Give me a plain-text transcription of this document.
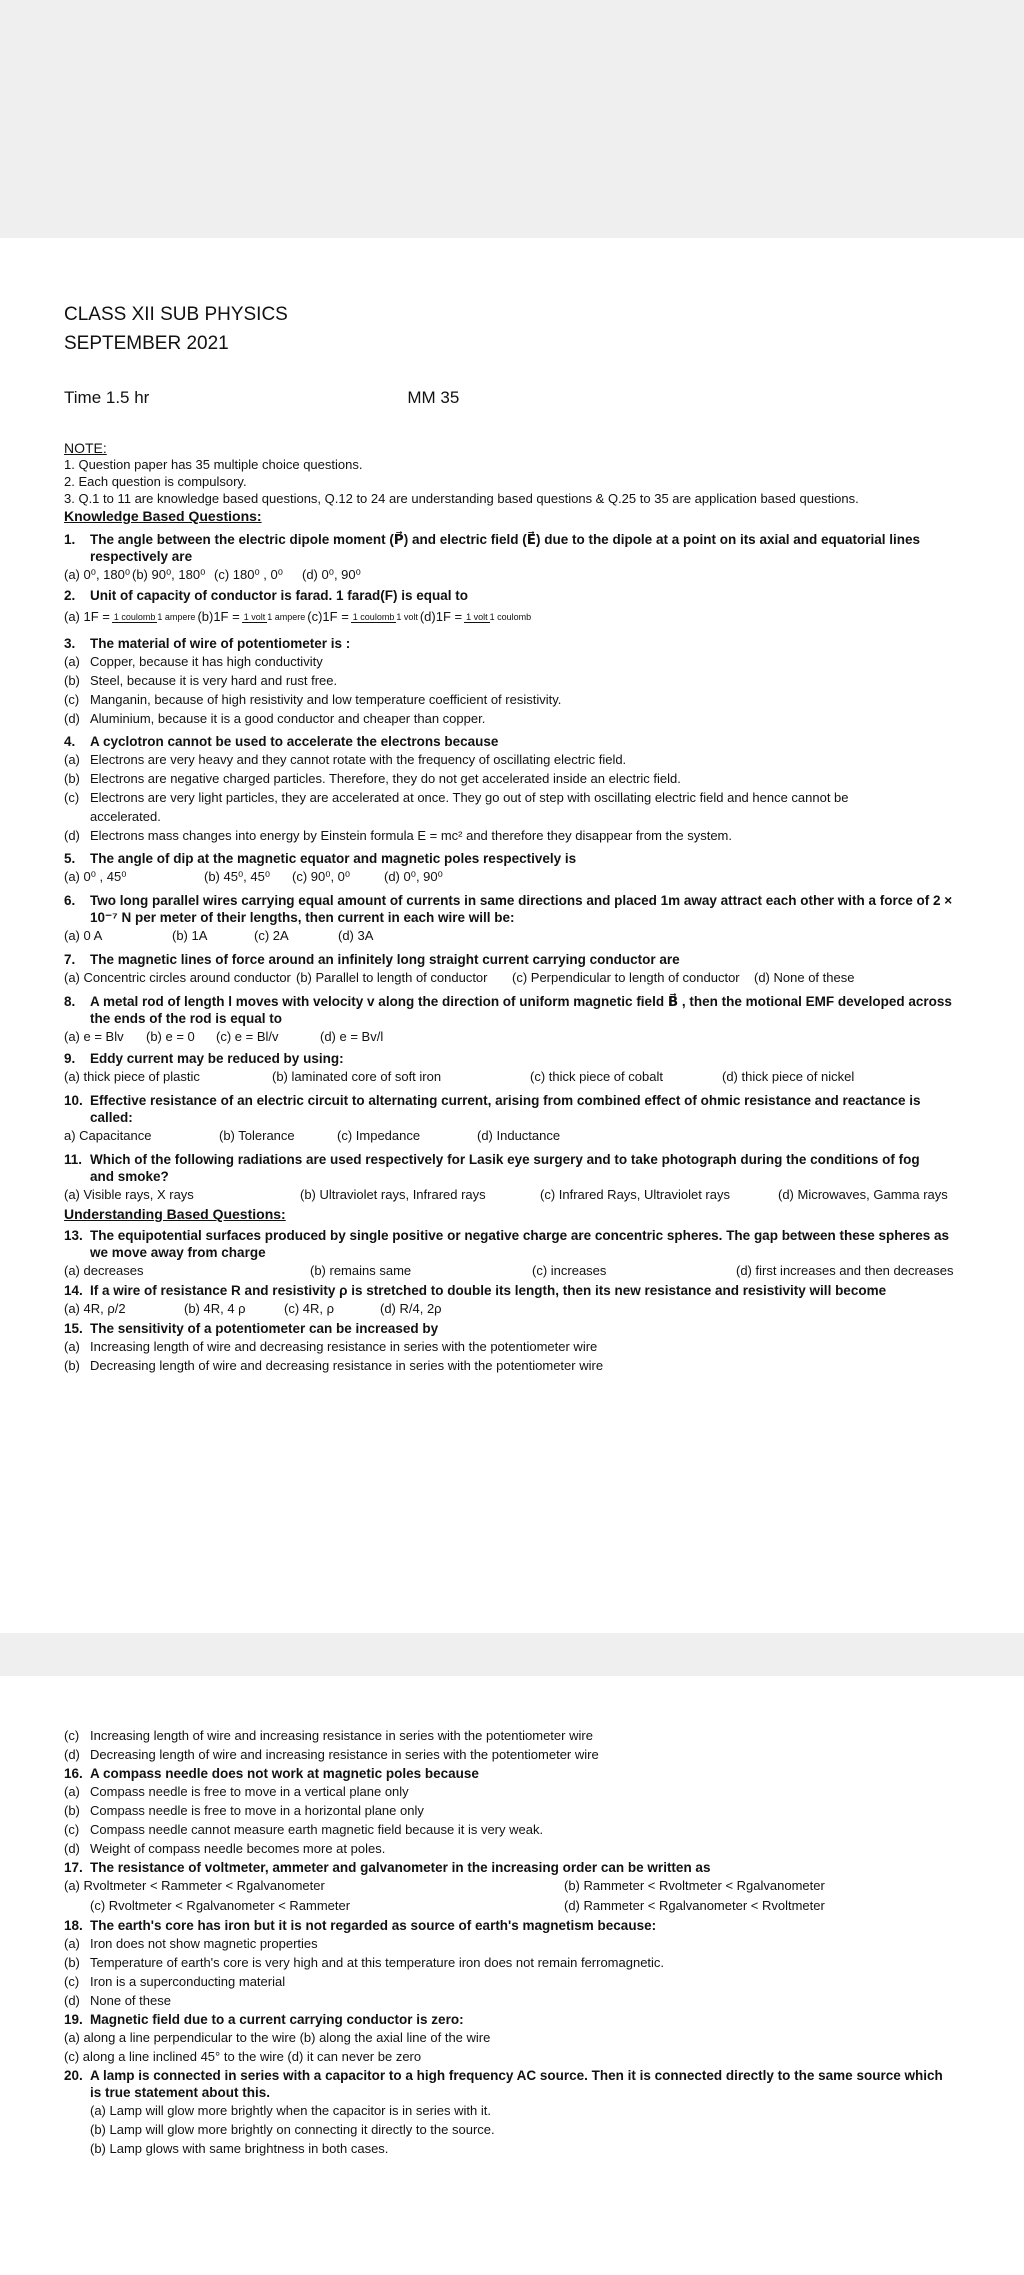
CLASS XII SUB PHYSICS
SEPTEMBER 2021
Time 1.5 hr	MM 35
NOTE:
1. Question paper has 35 multiple choice questions.
2. Each question is compulsory.
3. Q.1 to 11 are knowledge based questions, Q.12 to 24 are understanding based questions & Q.25 to 35 are application based questions.
Knowledge Based Questions:
1. The angle between the electric dipole moment (P⃗) and electric field (E⃗) due to the dipole at a point on its axial and equatorial lines
respectively are
(a) 0⁰, 180⁰ (b) 90⁰, 180⁰ (c) 180⁰ , 0⁰	(d) 0⁰, 90⁰
2. Unit of capacity of conductor is farad. 1 farad(F) is equal to
(a) 1F = 1 coulomb 1 ampere (b)1F = 1 volt 1 ampere (c)1F = 1 coulomb 1 volt (d)1F = 1 volt 1 coulomb
3. The material of wire of potentiometer is :
(a) Copper, because it has high conductivity
(b) Steel, because it is very hard and rust free.
(c) Manganin, because of high resistivity and low temperature coefficient of resistivity.
(d) Aluminium, because it is a good conductor and cheaper than copper.
4. A cyclotron cannot be used to accelerate the electrons because
(a) Electrons are very heavy and they cannot rotate with the frequency of oscillating electric field.
(b) Electrons are negative charged particles. Therefore, they do not get accelerated inside an electric field.
(c) Electrons are very light particles, they are accelerated at once. They go out of step with oscillating electric field and hence cannot be
accelerated.
(d) Electrons mass changes into energy by Einstein formula E = mc² and therefore they disappear from the system.
5. The angle of dip at the magnetic equator and magnetic poles respectively is
(a) 0⁰ , 45⁰	(b) 45⁰, 45⁰	(c) 90⁰, 0⁰	(d) 0⁰, 90⁰
6. Two long parallel wires carrying equal amount of currents in same directions and placed 1m away attract each other with a force of 2 ×
10⁻⁷ N per meter of their lengths, then current in each wire will be:
(a) 0 A	(b) 1A	(c) 2A	(d) 3A
7. The magnetic lines of force around an infinitely long straight current carrying conductor are
(a) Concentric circles around conductor (b) Parallel to length of conductor	(c) Perpendicular to length of conductor	(d) None of these
8. A metal rod of length l moves with velocity v along the direction of uniform magnetic field B⃗ , then the motional EMF developed across
the ends of the rod is equal to
(a) e = Blv	(b) e = 0	(c) e = Bl/v	(d) e = Bv/l
9. Eddy current may be reduced by using:
(a) thick piece of plastic	(b) laminated core of soft iron	(c) thick piece of cobalt	(d) thick piece of nickel
10. Effective resistance of an electric circuit to alternating current, arising from combined effect of ohmic resistance and reactance is
called:
a) Capacitance	(b) Tolerance	(c) Impedance	(d) Inductance
11. Which of the following radiations are used respectively for Lasik eye surgery and to take photograph during the conditions of fog
and smoke?
(a) Visible rays, X rays	(b) Ultraviolet rays, Infrared rays	(c) Infrared Rays, Ultraviolet rays	(d) Microwaves, Gamma rays
Understanding Based Questions:
13. The equipotential surfaces produced by single positive or negative charge are concentric spheres. The gap between these spheres as
we move away from charge
(a) decreases	(b) remains same	(c) increases	(d) first increases and then decreases
14. If a wire of resistance R and resistivity ρ is stretched to double its length, then its new resistance and resistivity will become
(a) 4R, ρ/2	(b) 4R, 4 ρ	(c) 4R, ρ	(d) R/4, 2ρ
15. The sensitivity of a potentiometer can be increased by
(a) Increasing length of wire and decreasing resistance in series with the potentiometer wire
(b) Decreasing length of wire and decreasing resistance in series with the potentiometer wire
(c) Increasing length of wire and increasing resistance in series with the potentiometer wire
(d) Decreasing length of wire and increasing resistance in series with the potentiometer wire
16. A compass needle does not work at magnetic poles because
(a) Compass needle is free to move in a vertical plane only
(b) Compass needle is free to move in a horizontal plane only
(c) Compass needle cannot measure earth magnetic field because it is very weak.
(d) Weight of compass needle becomes more at poles.
17. The resistance of voltmeter, ammeter and galvanometer in the increasing order can be written as
(a) Rvoltmeter < Rammeter < Rgalvanometer	(b) Rammeter < Rvoltmeter < Rgalvanometer
(c) Rvoltmeter < Rgalvanometer < Rammeter	(d) Rammeter < Rgalvanometer < Rvoltmeter
18. The earth's core has iron but it is not regarded as source of earth's magnetism because:
(a) Iron does not show magnetic properties
(b) Temperature of earth's core is very high and at this temperature iron does not remain ferromagnetic.
(c) Iron is a superconducting material
(d) None of these
19. Magnetic field due to a current carrying conductor is zero:
(a) along a line perpendicular to the wire (b) along the axial line of the wire
(c) along a line inclined 45° to the wire (d) it can never be zero
20. A lamp is connected in series with a capacitor to a high frequency AC source. Then it is connected directly to the same source which
is true statement about this.
(a) Lamp will glow more brightly when the capacitor is in series with it.
(b) Lamp will glow more brightly on connecting it directly to the source.
(b) Lamp glows with same brightness in both cases.
